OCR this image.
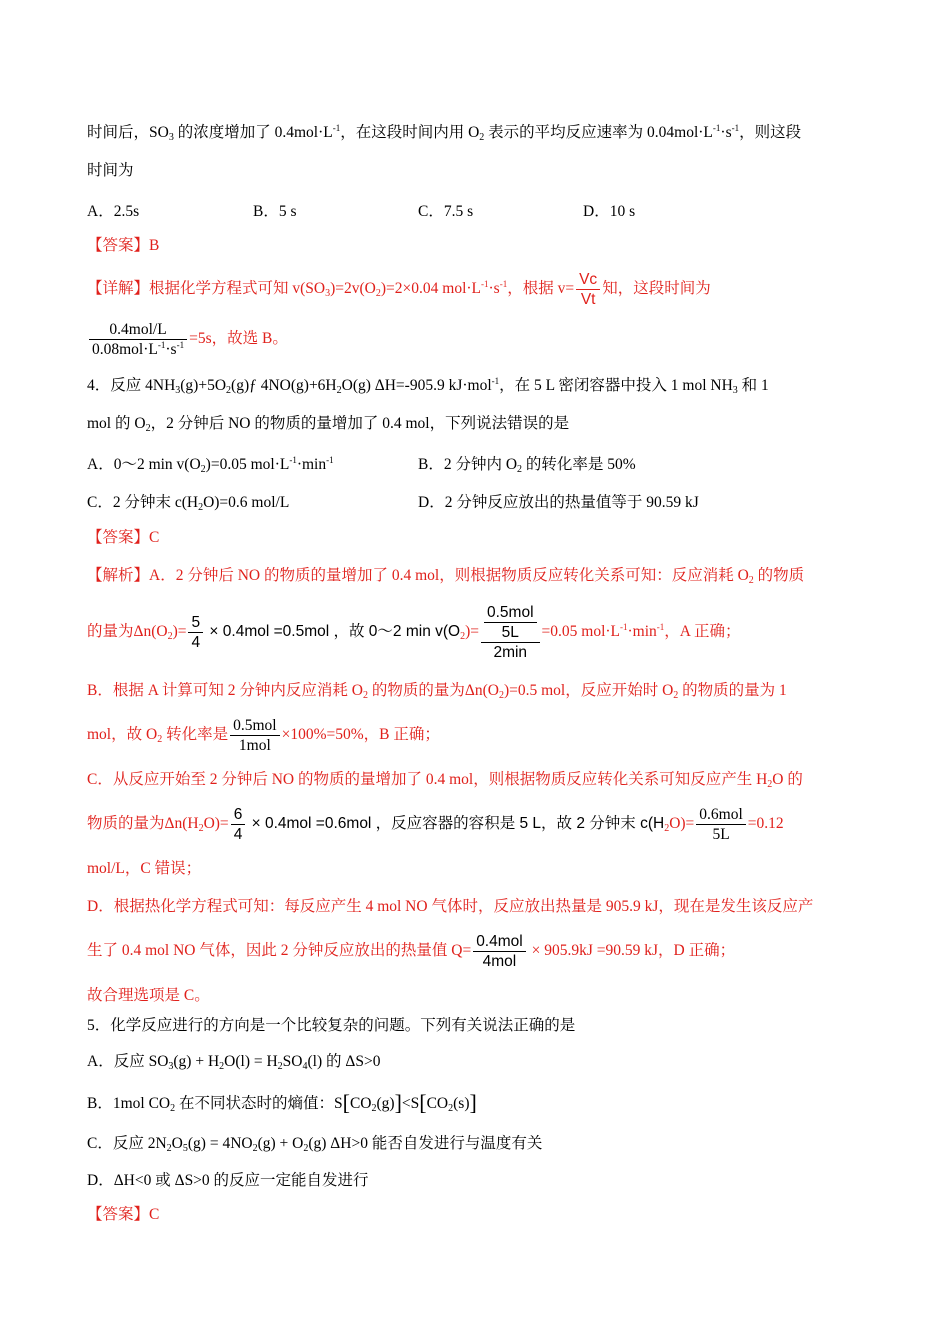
时间后，$SO_3$ 的浓度增加了 $0.4mol\cdot L^{-1}$，在这段时间内用 $O_2$ 表示的平均反应速率为 $0.04mol\cdot L^{-1}\cdot s^{-1}$，则这段
时间为
A．2.5s	B．5 s	C．7.5 s	D．10 s
【答案】B
【详解】根据化学方程式可知 $v(SO_3)=2v(O_2)=2\times 0.04$ $mol\cdot L^{-1}\cdot s^{-1}$，根据 $v= \frac{Vc}{Vt}$ 知，这段时间为
$\frac{\text{0.4mol/L}}{0.08mol\cdot L^{-1}\cdot s^{-1}} =5s$，故选 B。
4．反应 $4NH_3(g)+5O_2(g)ƒ$ $4NO(g)+6H_2O(g)$ ΔH=-905.9 kJ·mol$^{-1}$，在 5 L 密闭容器中投入 1 mol $NH_3$ 和 1
mol 的 $O_2$，2 分钟后 NO 的物质的量增加了 0.4 mol，下列说法错误的是
A．0～2 $\min v(O_2)=0.05$ $mol\cdot L^{-1}\cdot\min^{-1}$	B．2 分钟内 $O_2$ 的转化率是 50%
C．2 分钟末 $c(H_2O)=0.6$ mol/L	D．2 分钟反应放出的热量值等于 90.59 kJ
【答案】C
【解析】A．2 分钟后 NO 的物质的量增加了 0.4 mol，则根据物质反应转化关系可知：反应消耗 $O_2$ 的物质
的量为$\Delta n(O_2)= \frac{5}{4} \times 0.4mol =0.5mol$ ，故 0～2 $\min v(O_2)= \frac{\frac{\text{0.5mol}}{5L}}{2\min} =0.05$ $mol\cdot L^{-1}\cdot\min^{-1}$，A 正确；
B．根据 A 计算可知 2 分钟内反应消耗 $O_2$ 的物质的量为$\Delta n(O_2)=0.5$ mol，反应开始时 $O_2$ 的物质的量为 1
mol，故 $O_2$ 转化率是 $\frac{\text{0.5mol}}{\text{1mol}} \times 100\%=50\%$，B 正确；
C．从反应开始至 2 分钟后 NO 的物质的量增加了 0.4 mol，则根据物质反应转化关系可知反应产生 $H_2O$ 的
物质的量为$\Delta n(H_2O)= \frac{6}{4} \times 0.4mol =0.6mol$ ，反应容器的容积是 5 L，故 2 分钟末 $c(H_2O)= \frac{\text{0.6mol}}{5L} =0.12$
mol/L，C 错误；
D．根据热化学方程式可知：每反应产生 4 mol NO 气体时，反应放出热量是 905.9 kJ，现在是发生该反应产
生了 0.4 mol NO 气体，因此 2 分钟反应放出的热量值 $Q= \frac{\text{0.4mol}}{\text{4mol}} \times 905.9kJ =90.59$ kJ，D 正确；
故合理选项是 C。
5．化学反应进行的方向是一个比较复杂的问题。下列有关说法正确的是
A．反应 $SO_3(g) + H_2O(l) = H_2SO_4(l)$ 的 ΔS>0
B．1mol $CO_2$ 在不同状态时的熵值：$S[CO_2(g)]<S[CO_2(s)]$
C．反应 $2N_2O_5(g) = 4NO_2(g) + O_2(g)$ ΔH>0 能否自发进行与温度有关
D．ΔH<0 或 ΔS>0 的反应一定能自发进行
【答案】C
